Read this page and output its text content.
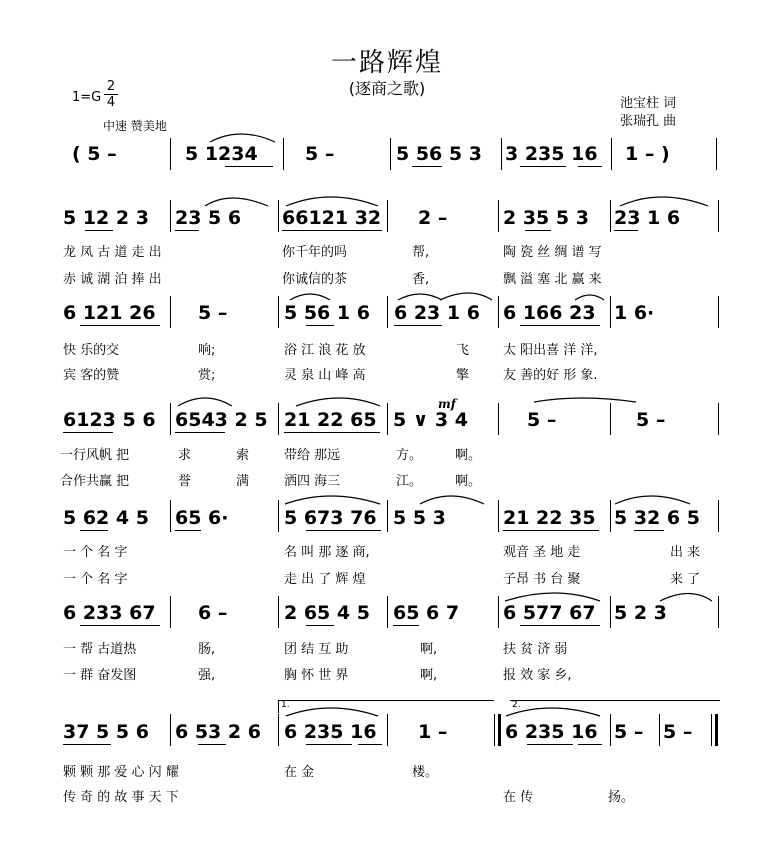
一路辉煌
(逐商之歌)
1=G
2
4
中速 赞美地
池宝柱 词
张瑞孔 曲
( 5 –	5 1234 5 –	5 56 5 3 3 235 16 1 – )
5 12 2 3 23 5 6 66121 32 2 –	2 35 5 3 23 1 6
龙 凤 古 道 走 出	你千年的吗	帮,	陶 瓷 丝 绸 谱 写
赤 诚 湖 泊 捧 出	你诚信的茶	香,	飘 溢 塞 北 赢 来
6 121 26 5 –	5 56 1 6 6 23 1 6 6 166 23 1 6·
快 乐的交	响;	浴 江 浪 花 放	飞	太 阳出喜 洋 洋,
宾 客的赞	赏;	灵 泉 山 峰 高	擎	友 善的好 形 象.
6123 5 6 6543 2 5 21 22 65 5 ∨ 3 4
mf
5 –	5 –
一行风帆 把	求	索	带给 那远	方。	啊。
合作共赢 把	誉	满	洒四 海三	江。	啊。
5 62 4 5 65 6·	5 673 76 5 5 3	21 22 35 5 32 6 5
一 个 名 字	名 叫 那 逐 商,	观音 圣 地 走	出 来
一 个 名 字	走 出 了 辉 煌	子昂 书 台 聚	来 了
6 233 67 6 –	2 65 4 5 65 6 7 6 577 67 5 2 3
一 帮 古道热	肠,	团 结 互 助	啊,	扶 贫 济 弱
一 群 奋发图	强,	胸 怀 世 界	啊,	报 效 家 乡,
37 5 5 6 6 53 2 6
1.
6 235 16 1 –
2.
6 235 16 5 – 5 –
颗 颗 那 爱 心 闪 耀	在 金	楼。
传 奇 的 故 事 天 下	在 传	扬。
